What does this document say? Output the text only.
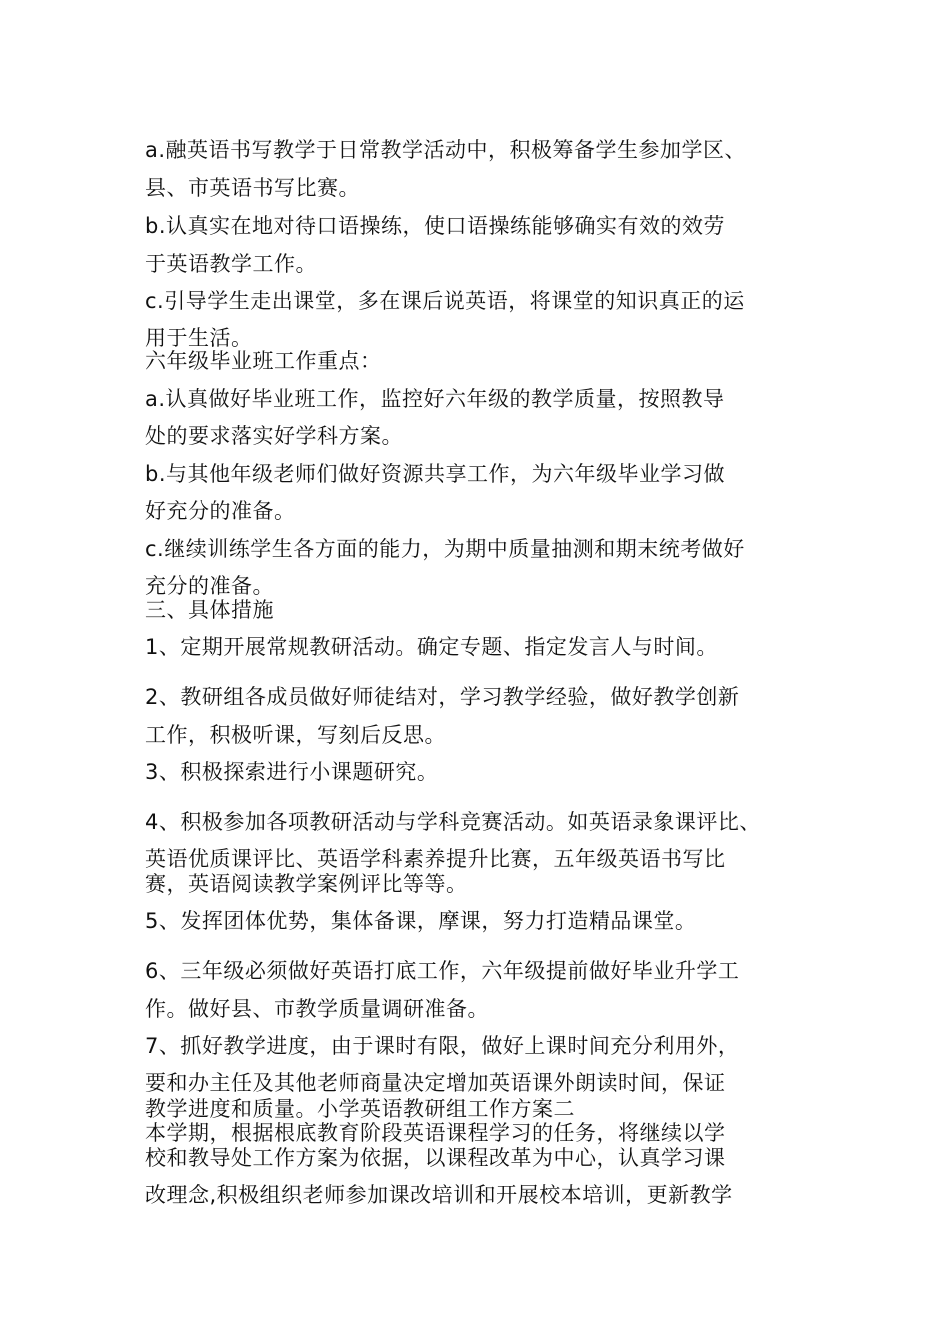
a.融英语书写教学于日常教学活动中，积极筹备学生参加学区、
县、市英语书写比赛。
b.认真实在地对待口语操练，使口语操练能够确实有效的效劳
于英语教学工作。
c.引导学生走出课堂，多在课后说英语，将课堂的知识真正的运
用于生活。
六年级毕业班工作重点：
a.认真做好毕业班工作，监控好六年级的教学质量，按照教导
处的要求落实好学科方案。
b.与其他年级老师们做好资源共享工作，为六年级毕业学习做
好充分的准备。
c.继续训练学生各方面的能力，为期中质量抽测和期末统考做好
充分的准备。
三、具体措施
1、定期开展常规教研活动。确定专题、指定发言人与时间。
2、教研组各成员做好师徒结对，学习教学经验，做好教学创新
工作，积极听课，写刻后反思。
3、积极探索进行小课题研究。
4、积极参加各项教研活动与学科竞赛活动。如英语录象课评比、
英语优质课评比、英语学科素养提升比赛，五年级英语书写比
赛，英语阅读教学案例评比等等。
5、发挥团体优势，集体备课，摩课，努力打造精品课堂。
6、三年级必须做好英语打底工作，六年级提前做好毕业升学工
作。做好县、市教学质量调研准备。
7、抓好教学进度，由于课时有限，做好上课时间充分利用外，
要和办主任及其他老师商量决定增加英语课外朗读时间，保证
教学进度和质量。小学英语教研组工作方案二
本学期，根据根底教育阶段英语课程学习的任务，将继续以学
校和教导处工作方案为依据，以课程改革为中心，认真学习课
改理念,积极组织老师参加课改培训和开展校本培训，更新教学
